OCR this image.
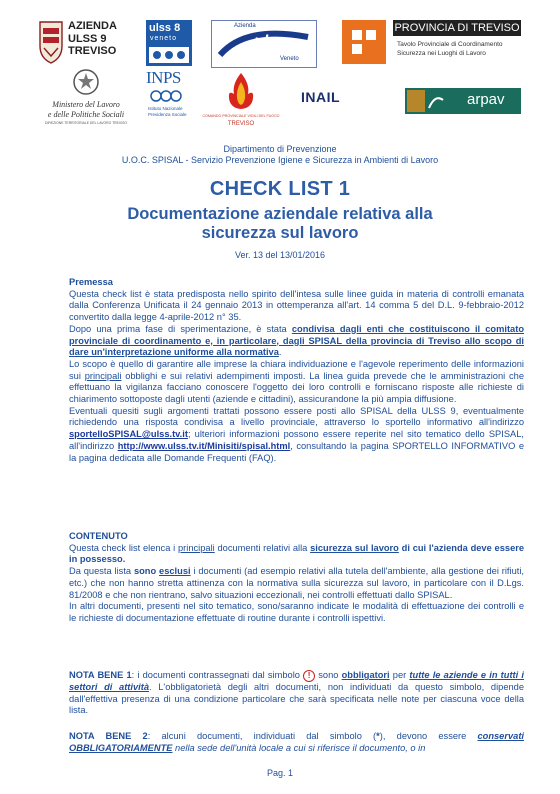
AZIENDA
ULSS 9
TREVISO
ulss 8
veneto
Azienda
ulss
Veneto
PROVINCIA DI TREVISO
Tavolo Provinciale di Coordinamento
Sicurezza nei Luoghi di Lavoro
Ministero del Lavoro
e delle Politiche Sociali
DIREZIONE TERRITORIALE DEL LAVORO TREVISO
INPS
Istituto Nazionale
Previdenza Sociale	COMANDO PROVINCIALE VIGILI DEL FUOCO
TREVISO
INAIL	arpav
Dipartimento di Prevenzione
U.O.C. SPISAL - Servizio Prevenzione Igiene e Sicurezza in Ambienti di Lavoro
CHECK LIST 1
Documentazione aziendale relativa alla
sicurezza sul lavoro
Ver. 13 del 13/01/2016

Premessa

Questa check list è stata predisposta nello spirito dell'intesa sulle linee guida in materia di controlli emanata dalla Conferenza Unificata il 24 gennaio 2013 in ottemperanza all'art. 14 comma 5 del D.L. 9-febbraio-2012 convertito dalla legge 4-aprile-2012 n° 35.

Dopo una prima fase di sperimentazione, è stata condivisa dagli enti che costituiscono il comitato provinciale di coordinamento e, in particolare, dagli SPISAL della provincia di Treviso allo scopo di dare un'interpretazione uniforme alla normativa.

Lo scopo è quello di garantire alle imprese la chiara individuazione e l'agevole reperimento delle informazioni sui principali obblighi e sui relativi adempimenti imposti. La linea guida prevede che le amministrazioni che effettuano la vigilanza facciano conoscere l'oggetto dei loro controlli e forniscano risposte alle richieste di chiarimento sottoposte dagli utenti (aziende e cittadini), assicurandone la più ampia diffusione.

Eventuali quesiti sugli argomenti trattati possono essere posti allo SPISAL della ULSS 9, eventualmente richiedendo una risposta condivisa a livello provinciale, attraverso lo sportello informativo all'indirizzo sportelloSPISAL@ulss.tv.it; ulteriori informazioni possono essere reperite nel sito tematico dello SPISAL, all'indirizzo http://www.ulss.tv.it/Minisiti/spisal.html, consultando la pagina SPORTELLO INFORMATIVO e la pagina dedicata alle Domande Frequenti (FAQ).

CONTENUTO

Questa check list elenca i principali documenti relativi alla sicurezza sul lavoro di cui l'azienda deve essere in possesso.

Da questa lista sono esclusi i documenti (ad esempio relativi alla tutela dell'ambiente, alla gestione dei rifiuti, etc.) che non hanno stretta attinenza con la normativa sulla sicurezza sul lavoro, in particolare con il D.Lgs. 81/2008 e che non rientrano, salvo situazioni eccezionali, nei controlli effettuati dallo SPISAL.

In altri documenti, presenti nel sito tematico, sono/saranno indicate le modalità di effettuazione dei controlli e le richieste di documentazione effettuate di routine durante i controlli ispettivi.

NOTA BENE 1: i documenti contrassegnati dal simbolo ! sono obbligatori per tutte le aziende e in tutti i settori di attività. L'obbligatorietà degli altri documenti, non individuati da questo simbolo, dipende dall'effettiva presenza di una condizione particolare che sarà specificata nelle note per ciascuna voce della lista.

NOTA BENE 2: alcuni documenti, individuati dal simbolo (*), devono essere conservati OBBLIGATORIAMENTE nella sede dell'unità locale a cui si riferisce il documento, o in

Pag. 1
